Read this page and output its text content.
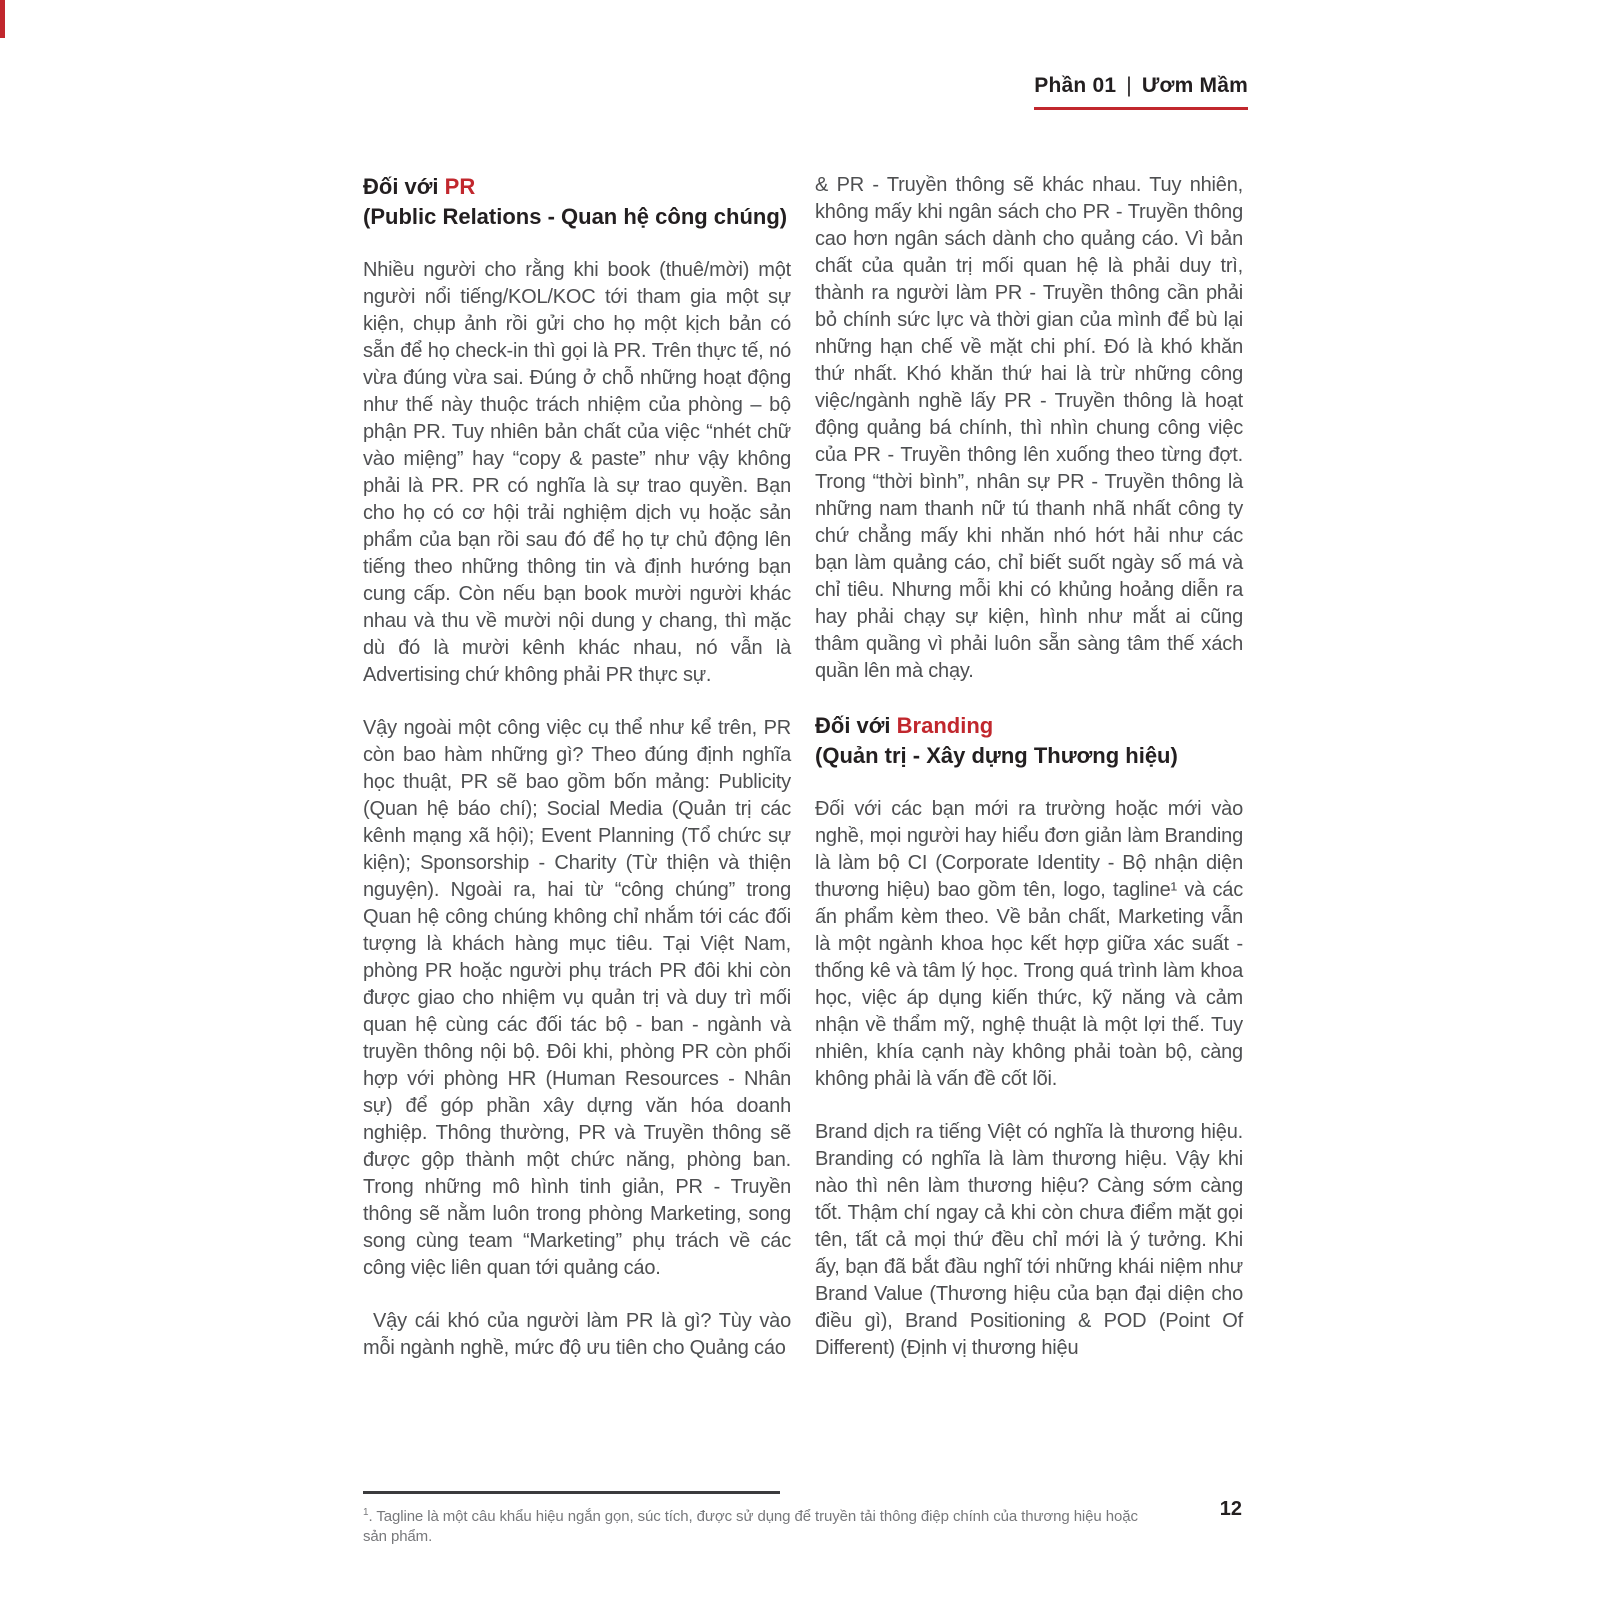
Phần 01 | Ươm Mầm
Đối với PR
(Public Relations - Quan hệ công chúng)

Nhiều người cho rằng khi book (thuê/mời) một người nổi tiếng/KOL/KOC tới tham gia một sự kiện, chụp ảnh rồi gửi cho họ một kịch bản có sẵn để họ check-in thì gọi là PR. Trên thực tế, nó vừa đúng vừa sai. Đúng ở chỗ những hoạt động như thế này thuộc trách nhiệm của phòng – bộ phận PR. Tuy nhiên bản chất của việc “nhét chữ vào miệng” hay “copy & paste” như vậy không phải là PR. PR có nghĩa là sự trao quyền. Bạn cho họ có cơ hội trải nghiệm dịch vụ hoặc sản phẩm của bạn rồi sau đó để họ tự chủ động lên tiếng theo những thông tin và định hướng bạn cung cấp. Còn nếu bạn book mười người khác nhau và thu về mười nội dung y chang, thì mặc dù đó là mười kênh khác nhau, nó vẫn là Advertising chứ không phải PR thực sự.

Vậy ngoài một công việc cụ thể như kể trên, PR còn bao hàm những gì? Theo đúng định nghĩa học thuật, PR sẽ bao gồm bốn mảng: Publicity (Quan hệ báo chí); Social Media (Quản trị các kênh mạng xã hội); Event Planning (Tổ chức sự kiện); Sponsorship - Charity (Từ thiện và thiện nguyện). Ngoài ra, hai từ “công chúng” trong Quan hệ công chúng không chỉ nhắm tới các đối tượng là khách hàng mục tiêu. Tại Việt Nam, phòng PR hoặc người phụ trách PR đôi khi còn được giao cho nhiệm vụ quản trị và duy trì mối quan hệ cùng các đối tác bộ - ban - ngành và truyền thông nội bộ. Đôi khi, phòng PR còn phối hợp với phòng HR (Human Resources - Nhân sự) để góp phần xây dựng văn hóa doanh nghiệp. Thông thường, PR và Truyền thông sẽ được gộp thành một chức năng, phòng ban. Trong những mô hình tinh giản, PR - Truyền thông sẽ nằm luôn trong phòng Marketing, song song cùng team “Marketing” phụ trách về các công việc liên quan tới quảng cáo.

Vậy cái khó của người làm PR là gì? Tùy vào mỗi ngành nghề, mức độ ưu tiên cho Quảng cáo

& PR - Truyền thông sẽ khác nhau. Tuy nhiên, không mấy khi ngân sách cho PR - Truyền thông cao hơn ngân sách dành cho quảng cáo. Vì bản chất của quản trị mối quan hệ là phải duy trì, thành ra người làm PR - Truyền thông cần phải bỏ chính sức lực và thời gian của mình để bù lại những hạn chế về mặt chi phí. Đó là khó khăn thứ nhất. Khó khăn thứ hai là trừ những công việc/ngành nghề lấy PR - Truyền thông là hoạt động quảng bá chính, thì nhìn chung công việc của PR - Truyền thông lên xuống theo từng đợt. Trong “thời bình”, nhân sự PR - Truyền thông là những nam thanh nữ tú thanh nhã nhất công ty chứ chẳng mấy khi nhăn nhó hớt hải như các bạn làm quảng cáo, chỉ biết suốt ngày số má và chỉ tiêu. Nhưng mỗi khi có khủng hoảng diễn ra hay phải chạy sự kiện, hình như mắt ai cũng thâm quầng vì phải luôn sẵn sàng tâm thế xách quần lên mà chạy.

Đối với Branding
(Quản trị - Xây dựng Thương hiệu)

Đối với các bạn mới ra trường hoặc mới vào nghề, mọi người hay hiểu đơn giản làm Branding là làm bộ CI (Corporate Identity - Bộ nhận diện thương hiệu) bao gồm tên, logo, tagline¹ và các ấn phẩm kèm theo. Về bản chất, Marketing vẫn là một ngành khoa học kết hợp giữa xác suất - thống kê và tâm lý học. Trong quá trình làm khoa học, việc áp dụng kiến thức, kỹ năng và cảm nhận về thẩm mỹ, nghệ thuật là một lợi thế. Tuy nhiên, khía cạnh này không phải toàn bộ, càng không phải là vấn đề cốt lõi.

Brand dịch ra tiếng Việt có nghĩa là thương hiệu. Branding có nghĩa là làm thương hiệu. Vậy khi nào thì nên làm thương hiệu? Càng sớm càng tốt. Thậm chí ngay cả khi còn chưa điểm mặt gọi tên, tất cả mọi thứ đều chỉ mới là ý tưởng. Khi ấy, bạn đã bắt đầu nghĩ tới những khái niệm như Brand Value (Thương hiệu của bạn đại diện cho điều gì), Brand Positioning & POD (Point Of Different) (Định vị thương hiệu

$^1$. Tagline là một câu khẩu hiệu ngắn gọn, súc tích, được sử dụng để truyền tải thông điệp chính của thương hiệu hoặc sản phẩm.
12
